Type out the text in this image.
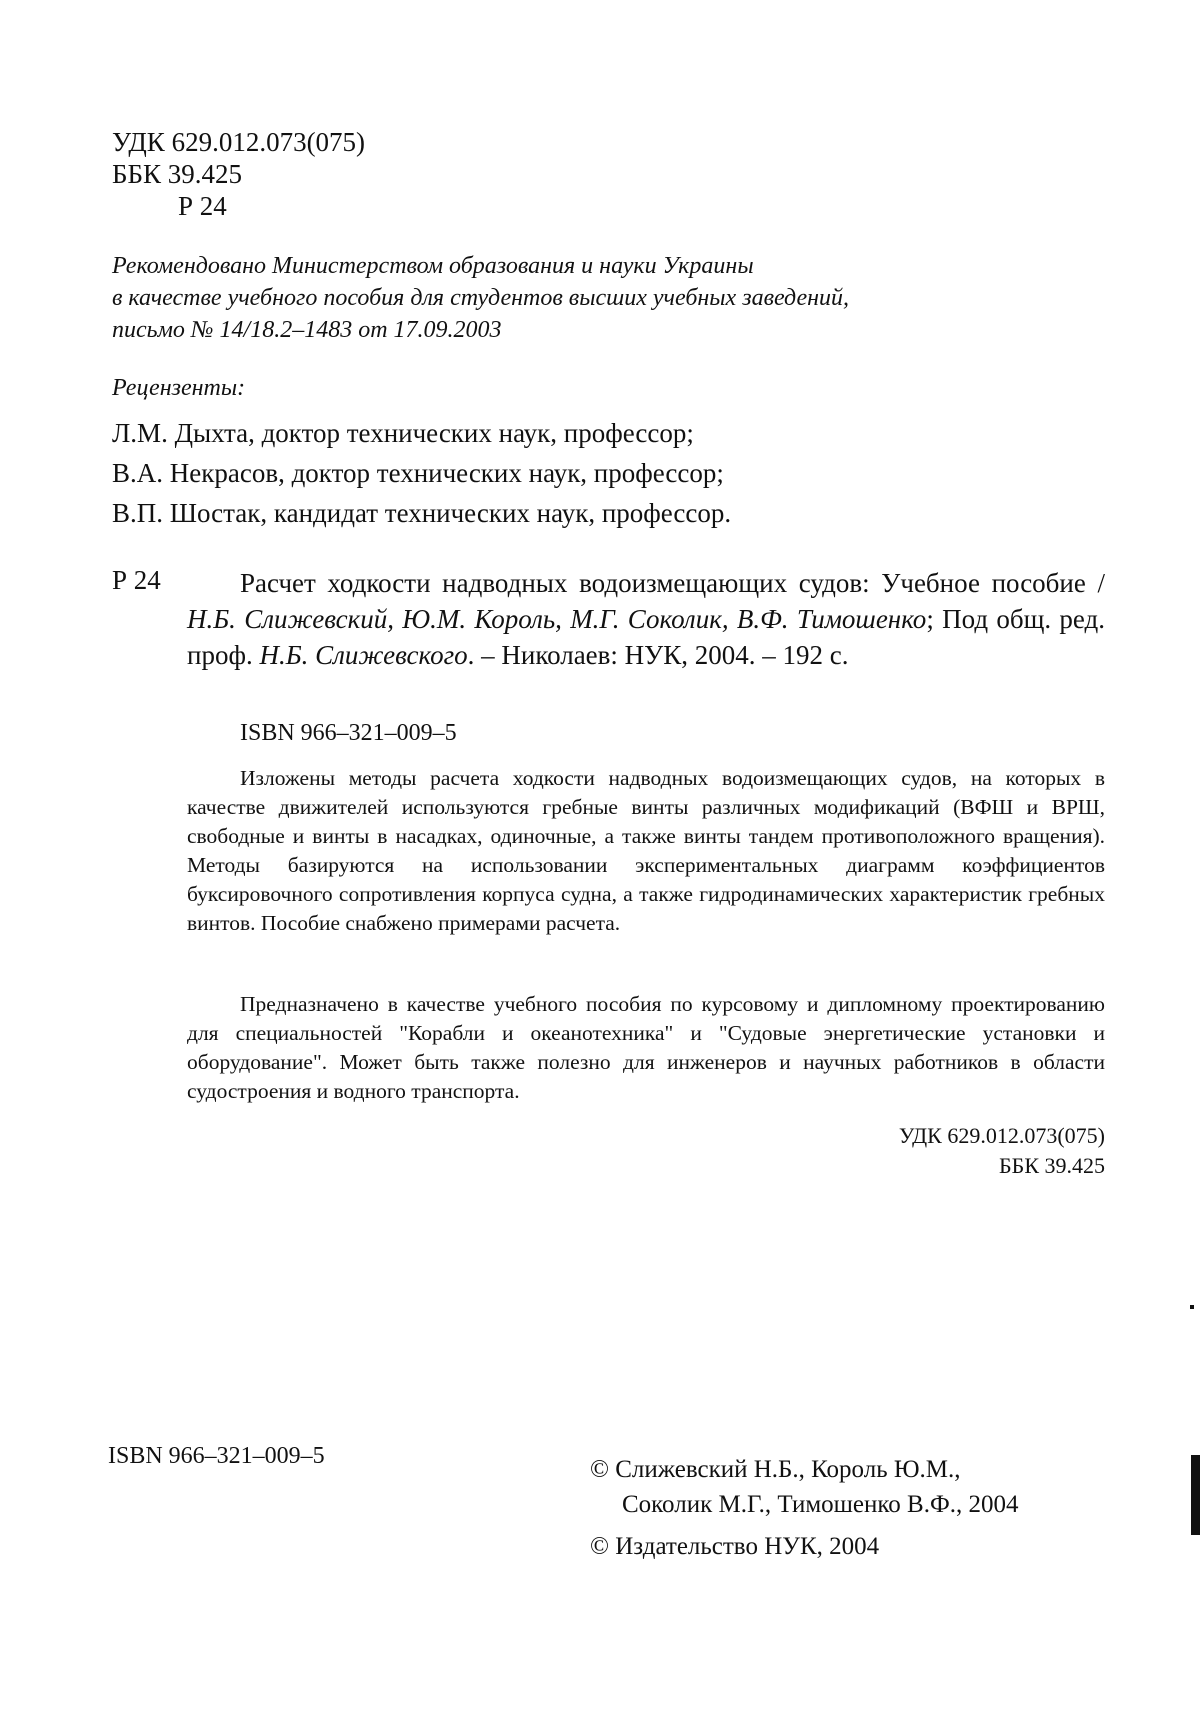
УДК 629.012.073(075)
ББК 39.425
Р 24
Рекомендовано Министерством образования и науки Украины
в качестве учебного пособия для студентов высших учебных заведений,
письмо № 14/18.2–1483 от 17.09.2003
Рецензенты:
Л.М. Дыхта, доктор технических наук, профессор;
В.А. Некрасов, доктор технических наук, профессор;
В.П. Шостак, кандидат технических наук, профессор.
Р 24	Расчет ходкости надводных водоизмещающих судов: Учебное пособие / Н.Б. Слижевский, Ю.М. Король, М.Г. Соколик, В.Ф. Тимошенко; Под общ. ред. проф. Н.Б. Слижевского. – Николаев: НУК, 2004. – 192 с.
ISBN 966–321–009–5
Изложены методы расчета ходкости надводных водоизмещающих судов, на которых в качестве движителей используются гребные винты различных модификаций (ВФШ и ВРШ, свободные и винты в насадках, одиночные, а также винты тандем противоположного вращения). Методы базируются на использовании экспериментальных диаграмм коэффициентов буксировочного сопротивления корпуса судна, а также гидродинамических характеристик гребных винтов. Пособие снабжено примерами расчета.
Предназначено в качестве учебного пособия по курсовому и дипломному проектированию для специальностей "Корабли и океанотехника" и "Судовые энергетические установки и оборудование". Может быть также полезно для инженеров и научных работников в области судостроения и водного транспорта.
УДК 629.012.073(075)
ББК 39.425
ISBN 966–321–009–5	© Слижевский Н.Б., Король Ю.М.,
Соколик М.Г., Тимошенко В.Ф., 2004
© Издательство НУК, 2004
